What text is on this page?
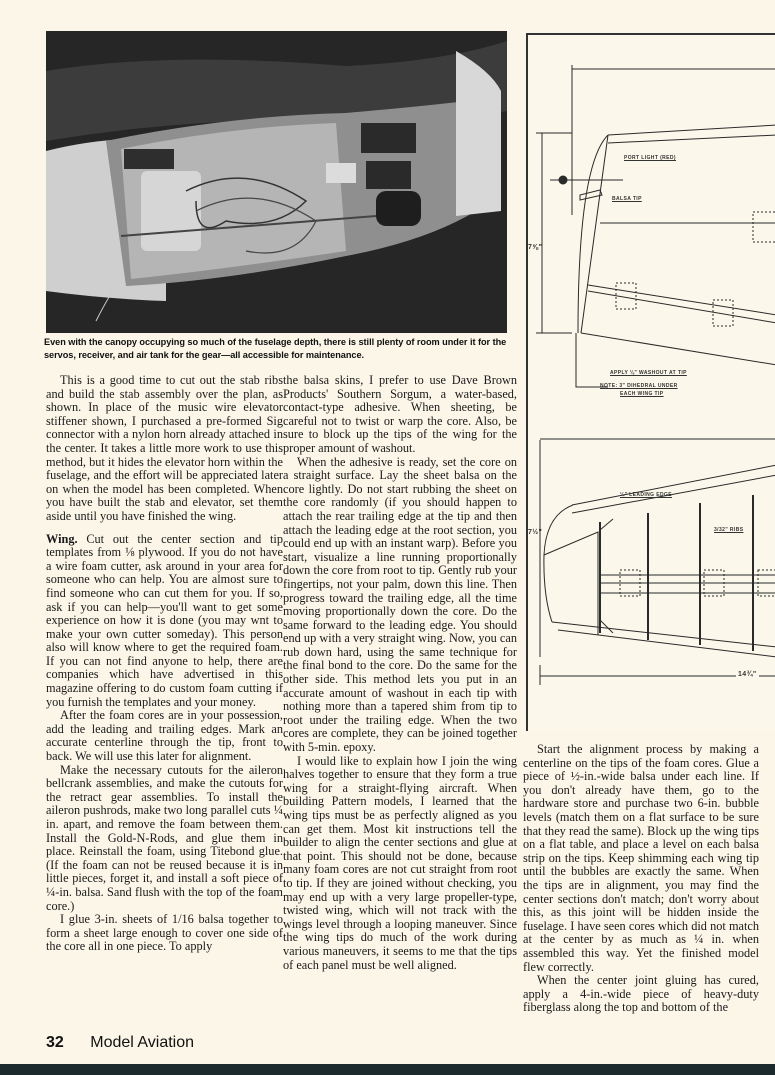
Even with the canopy occupying so much of the fuselage depth, there is still plenty of room under it for the servos, receiver, and air tank for the gear—all accessible for maintenance.

This is a good time to cut out the stab ribs and build the stab assembly over the plan, as shown. In place of the music wire elevator stiffener shown, I purchased a pre-formed Sig connector with a nylon horn already attached in the center. It takes a little more work to use this method, but it hides the elevator horn within the fuselage, and the effort will be appreciated later on when the model has been completed. When you have built the stab and elevator, set them aside until you have finished the wing.

Wing. Cut out the center section and tip templates from ⅛ plywood. If you do not have a wire foam cutter, ask around in your area for someone who can help. You are almost sure to find someone who can cut them for you. If so, ask if you can help—you'll want to get some experience on how it is done (you may wnt to make your own cutter someday). This person also will know where to get the required foam. If you can not find anyone to help, there are companies which have advertised in this magazine offering to do custom foam cutting if you furnish the templates and your money.

After the foam cores are in your possession, add the leading and trailing edges. Mark an accurate centerline through the tip, front to back. We will use this later for alignment.

Make the necessary cutouts for the aileron bellcrank assemblies, and make the cutouts for the retract gear assemblies. To install the aileron pushrods, make two long parallel cuts ¼ in. apart, and remove the foam between them. Install the Gold-N-Rods, and glue them in place. Reinstall the foam, using Titebond glue. (If the foam can not be reused because it is in little pieces, forget it, and install a soft piece of ¼-in. balsa. Sand flush with the top of the foam core.)

I glue 3-in. sheets of 1/16 balsa together to form a sheet large enough to cover one side of the core all in one piece. To apply

the balsa skins, I prefer to use Dave Brown Products' Southern Sorgum, a water-based, contact-type adhesive. When sheeting, be careful not to twist or warp the core. Also, be sure to block up the tips of the wing for the proper amount of washout.

When the adhesive is ready, set the core on a straight surface. Lay the sheet balsa on the core lightly. Do not start rubbing the sheet on the core randomly (if you should happen to attach the rear trailing edge at the tip and then attach the leading edge at the root section, you could end up with an instant warp). Before you start, visualize a line running proportionally down the core from root to tip. Gently rub your fingertips, not your palm, down this line. Then progress toward the trailing edge, all the time moving proportionally down the core. Do the same forward to the leading edge. You should end up with a very straight wing. Now, you can rub down hard, using the same technique for the final bond to the core. Do the same for the other side. This method lets you put in an accurate amount of washout in each tip with nothing more than a tapered shim from tip to root under the trailing edge. When the two cores are complete, they can be joined together with 5-min. epoxy.

I would like to explain how I join the wing halves together to ensure that they form a true wing for a straight-flying aircraft. When building Pattern models, I learned that the wing tips must be as perfectly aligned as you can get them. Most kit instructions tell the builder to align the center sections and glue at that point. This should not be done, because many foam cores are not cut straight from root to tip. If they are joined without checking, you may end up with a very large propeller-type, twisted wing, which will not track with the wings level through a looping maneuver. Since the wing tips do much of the work during various maneuvers, it seems to me that the tips of each panel must be well aligned.

PORT LIGHT (RED)
BALSA TIP
7⅝"
APPLY ⅛" WASHOUT AT TIP
NOTE: 3" DIHEDRAL UNDER
EACH WING TIP
¼" LEADING EDGE
3/32" RIBS
7½"
14¾"

Start the alignment process by making a centerline on the tips of the foam cores. Glue a piece of ½-in.-wide balsa under each line. If you don't already have them, go to the hardware store and purchase two 6-in. bubble levels (match them on a flat surface to be sure that they read the same). Block up the wing tips on a flat table, and place a level on each balsa strip on the tips. Keep shimming each wing tip until the bubbles are exactly the same. When the tips are in alignment, you may find the center sections don't match; don't worry about this, as this joint will be hidden inside the fuselage. I have seen cores which did not match at the center by as much as ¼ in. when assembled this way. Yet the finished model flew correctly.

When the center joint gluing has cured, apply a 4-in.-wide piece of heavy-duty fiberglass along the top and bottom of the

32 Model Aviation
